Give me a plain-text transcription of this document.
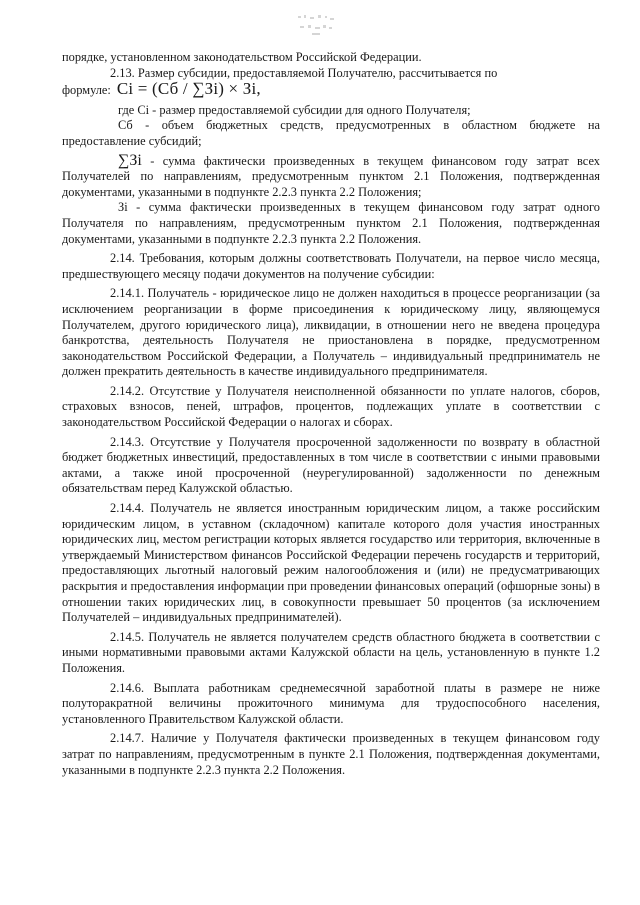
порядке, установленном законодательством Российской Федерации.

2.13. Размер субсидии, предоставляемой Получателю, рассчитывается по

формуле: Ci = (Сб / ∑Зi) × Зi,

где Ci - размер предоставляемой субсидии для одного Получателя;

Сб - объем бюджетных средств, предусмотренных в областном бюджете на предоставление субсидий;

∑Зi - сумма фактически произведенных в текущем финансовом году затрат всех Получателей по направлениям, предусмотренным пунктом 2.1 Положения, подтвержденная документами, указанными в подпункте 2.2.3 пункта 2.2 Положения;

Зi - сумма фактически произведенных в текущем финансовом году затрат одного Получателя по направлениям, предусмотренным пунктом 2.1 Положения, подтвержденная документами, указанными в подпункте 2.2.3 пункта 2.2 Положения.

2.14. Требования, которым должны соответствовать Получатели, на первое число месяца, предшествующего месяцу подачи документов на получение субсидии:

2.14.1. Получатель - юридическое лицо не должен находиться в процессе реорганизации (за исключением реорганизации в форме присоединения к юридическому лицу, являющемуся Получателем, другого юридического лица), ликвидации, в отношении него не введена процедура банкротства, деятельность Получателя не приостановлена в порядке, предусмотренном законодательством Российской Федерации, а Получатель – индивидуальный предприниматель не должен прекратить деятельность в качестве индивидуального предпринимателя.

2.14.2. Отсутствие у Получателя неисполненной обязанности по уплате налогов, сборов, страховых взносов, пеней, штрафов, процентов, подлежащих уплате в соответствии с законодательством Российской Федерации о налогах и сборах.

2.14.3. Отсутствие у Получателя просроченной задолженности по возврату в областной бюджет бюджетных инвестиций, предоставленных в том числе в соответствии с иными правовыми актами, а также иной просроченной (неурегулированной) задолженности по денежным обязательствам перед Калужской областью.

2.14.4. Получатель не является иностранным юридическим лицом, а также российским юридическим лицом, в уставном (складочном) капитале которого доля участия иностранных юридических лиц, местом регистрации которых является государство или территория, включенные в утверждаемый Министерством финансов Российской Федерации перечень государств и территорий, предоставляющих льготный налоговый режим налогообложения и (или) не предусматривающих раскрытия и предоставления информации при проведении финансовых операций (офшорные зоны) в отношении таких юридических лиц, в совокупности превышает 50 процентов (за исключением Получателей – индивидуальных предпринимателей).

2.14.5. Получатель не является получателем средств областного бюджета в соответствии с иными нормативными правовыми актами Калужской области на цель, установленную в пункте 1.2 Положения.

2.14.6. Выплата работникам среднемесячной заработной платы в размере не ниже полуторакратной величины прожиточного минимума для трудоспособного населения, установленного Правительством Калужской области.

2.14.7. Наличие у Получателя фактически произведенных в текущем финансовом году затрат по направлениям, предусмотренным в пункте 2.1 Положения, подтвержденная документами, указанными в подпункте 2.2.3 пункта 2.2 Положения.
